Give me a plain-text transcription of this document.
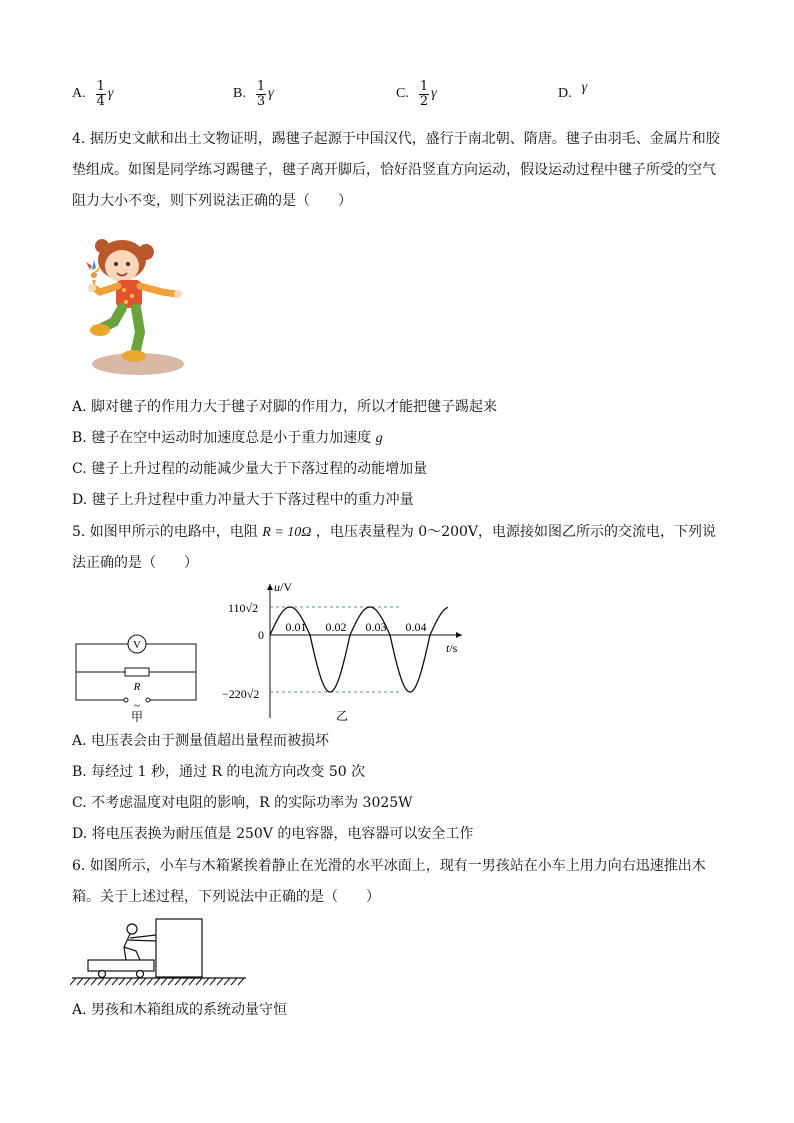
A. $\frac{1}{4}$ γ	B. $\frac{1}{3}$ γ	C. $\frac{1}{2}$ γ	D. γ
4. 据历史文献和出土文物证明，踢毽子起源于中国汉代，盛行于南北朝、隋唐。毽子由羽毛、金属片和胶
垫组成。如图是同学练习踢毽子，毽子离开脚后，恰好沿竖直方向运动，假设运动过程中毽子所受的空气
阻力大小不变，则下列说法正确的是（　　）
A. 脚对毽子的作用力大于毽子对脚的作用力，所以才能把毽子踢起来
B. 毽子在空中运动时加速度总是小于重力加速度 g
C. 毽子上升过程的动能减少量大于下落过程的动能增加量
D. 毽子上升过程中重力冲量大于下落过程中的重力冲量
5. 如图甲所示的电路中，电阻 R = 10Ω ，电压表量程为 0～200V，电源接如图乙所示的交流电，下列说
法正确的是（　　）
V
R
~
甲
u/V
t/s
0
110√2
−220√2
0.01 0.02 0.03 0.04
乙
A. 电压表会由于测量值超出量程而被损坏
B. 每经过 1 秒，通过 R 的电流方向改变 50 次
C. 不考虑温度对电阻的影响，R 的实际功率为 3025W
D. 将电压表换为耐压值是 250V 的电容器，电容器可以安全工作
6. 如图所示，小车与木箱紧挨着静止在光滑的水平冰面上，现有一男孩站在小车上用力向右迅速推出木
箱。关于上述过程，下列说法中正确的是（　　）
A. 男孩和木箱组成的系统动量守恒
